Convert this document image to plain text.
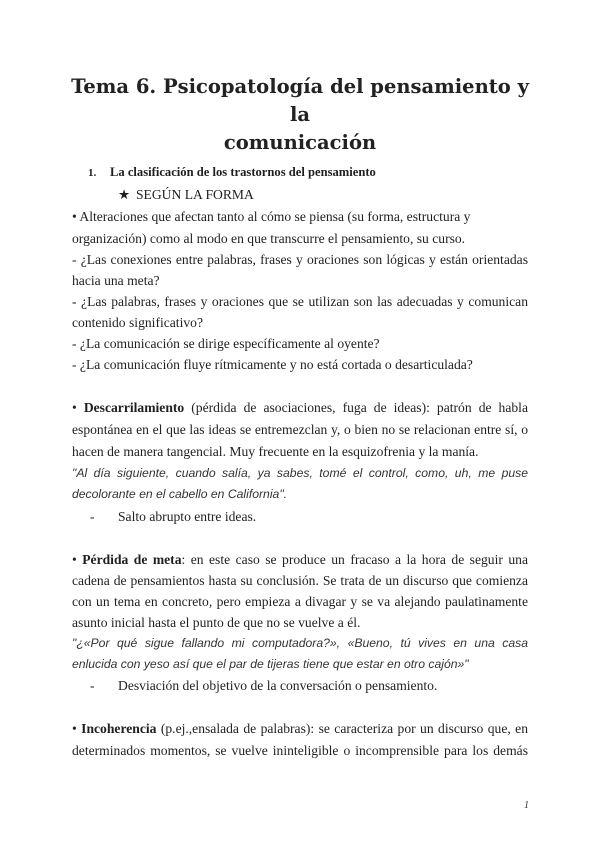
Tema 6. Psicopatología del pensamiento y la
comunicación
1. La clasificación de los trastornos del pensamiento
★ SEGÚN LA FORMA
• Alteraciones que afectan tanto al cómo se piensa (su forma, estructura y
organización) como al modo en que transcurre el pensamiento, su curso.
- ¿Las conexiones entre palabras, frases y oraciones son lógicas y están orientadas
hacia una meta?
- ¿Las palabras, frases y oraciones que se utilizan son las adecuadas y comunican
contenido significativo?
- ¿La comunicación se dirige específicamente al oyente?
- ¿La comunicación fluye rítmicamente y no está cortada o desarticulada?
• Descarrilamiento (pérdida de asociaciones, fuga de ideas): patrón de habla
espontánea en el que las ideas se entremezclan y, o bien no se relacionan entre sí, o
hacen de manera tangencial. Muy frecuente en la esquizofrenia y la manía.
"Al día siguiente, cuando salía, ya sabes, tomé el control, como, uh, me puse
decolorante en el cabello en California".
- Salto abrupto entre ideas.
• Pérdida de meta: en este caso se produce un fracaso a la hora de seguir una
cadena de pensamientos hasta su conclusión. Se trata de un discurso que comienza
con un tema en concreto, pero empieza a divagar y se va alejando paulatinamente
asunto inicial hasta el punto de que no se vuelve a él.
"¿«Por qué sigue fallando mi computadora?», «Bueno, tú vives en una casa
enlucida con yeso así que el par de tijeras tiene que estar en otro cajón»"
- Desviación del objetivo de la conversación o pensamiento.
• Incoherencia (p.ej.,ensalada de palabras): se caracteriza por un discurso que, en
determinados momentos, se vuelve ininteligible o incomprensible para los demás
1
